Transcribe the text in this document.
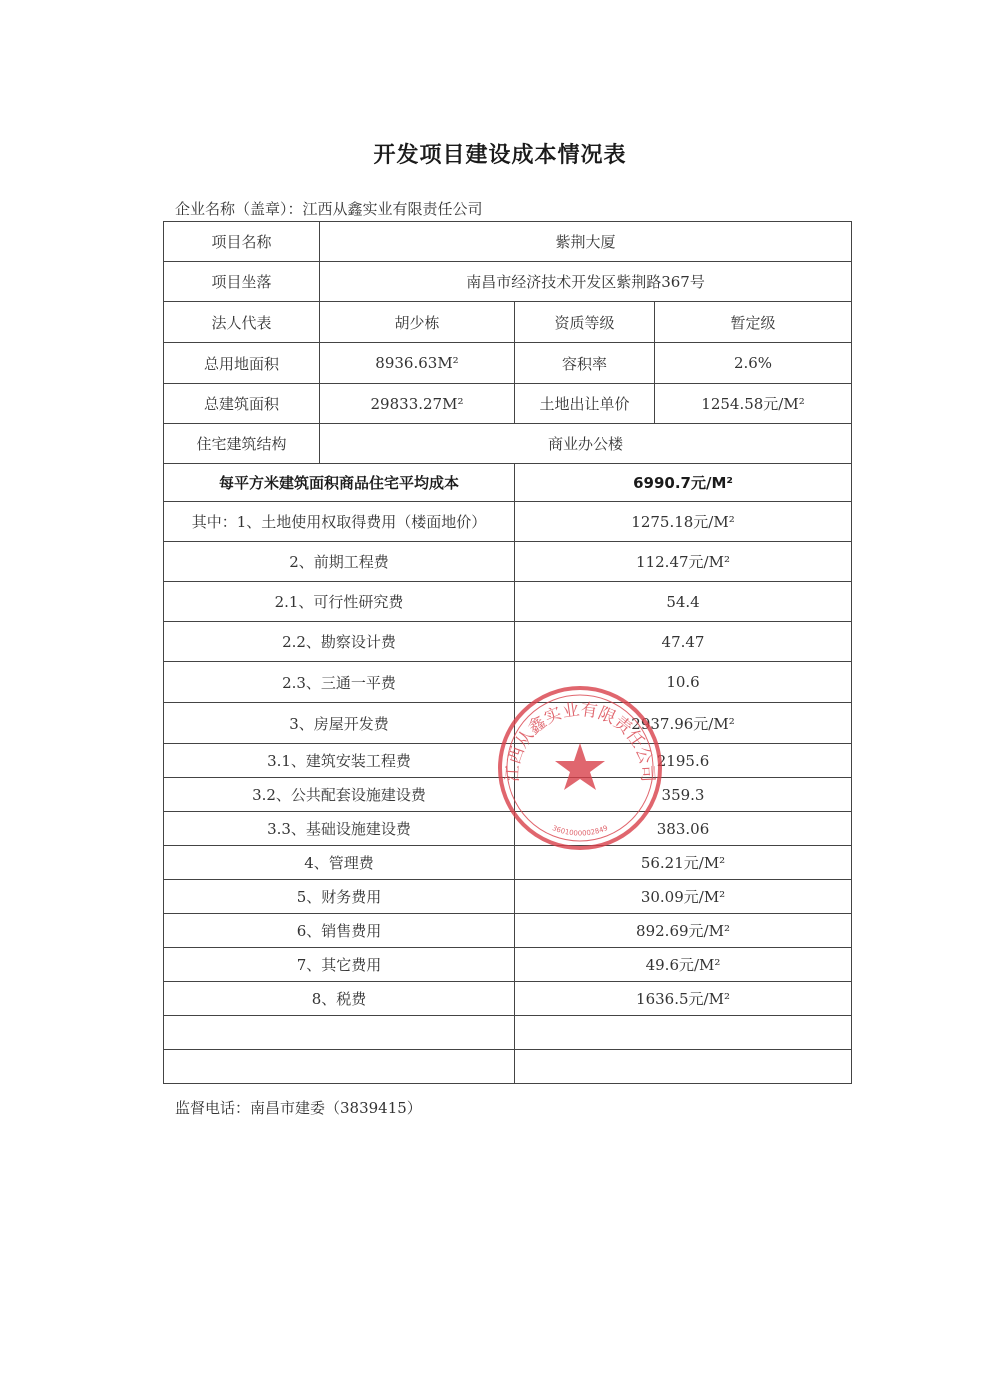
开发项目建设成本情况表
企业名称（盖章）：江西从鑫实业有限责任公司
项目名称	紫荆大厦		
项目坐落	南昌市经济技术开发区紫荆路367号		
法人代表	胡少栋	资质等级	暂定级
总用地面积	8936.63M²	容积率	2.6%
总建筑面积	29833.27M²	土地出让单价	1254.58元/M²
住宅建筑结构	商业办公楼		
每平方米建筑面积商品住宅平均成本		6990.7元/M²	
其中：1、土地使用权取得费用（楼面地价）		1275.18元/M²	
2、前期工程费		112.47元/M²	
2.1、可行性研究费		54.4	
2.2、勘察设计费		47.47	
2.3、三通一平费		10.6	
3、房屋开发费		2937.96元/M²	
3.1、建筑安装工程费		2195.6	
3.2、公共配套设施建设费		359.3	
3.3、基础设施建设费		383.06	
4、管理费		56.21元/M²	
5、财务费用		30.09元/M²	
6、销售费用		892.69元/M²	
7、其它费用		49.6元/M²	
8、税费		1636.5元/M²	

江西从鑫实业有限责任公司
3601000002849
监督电话：南昌市建委（3839415）
